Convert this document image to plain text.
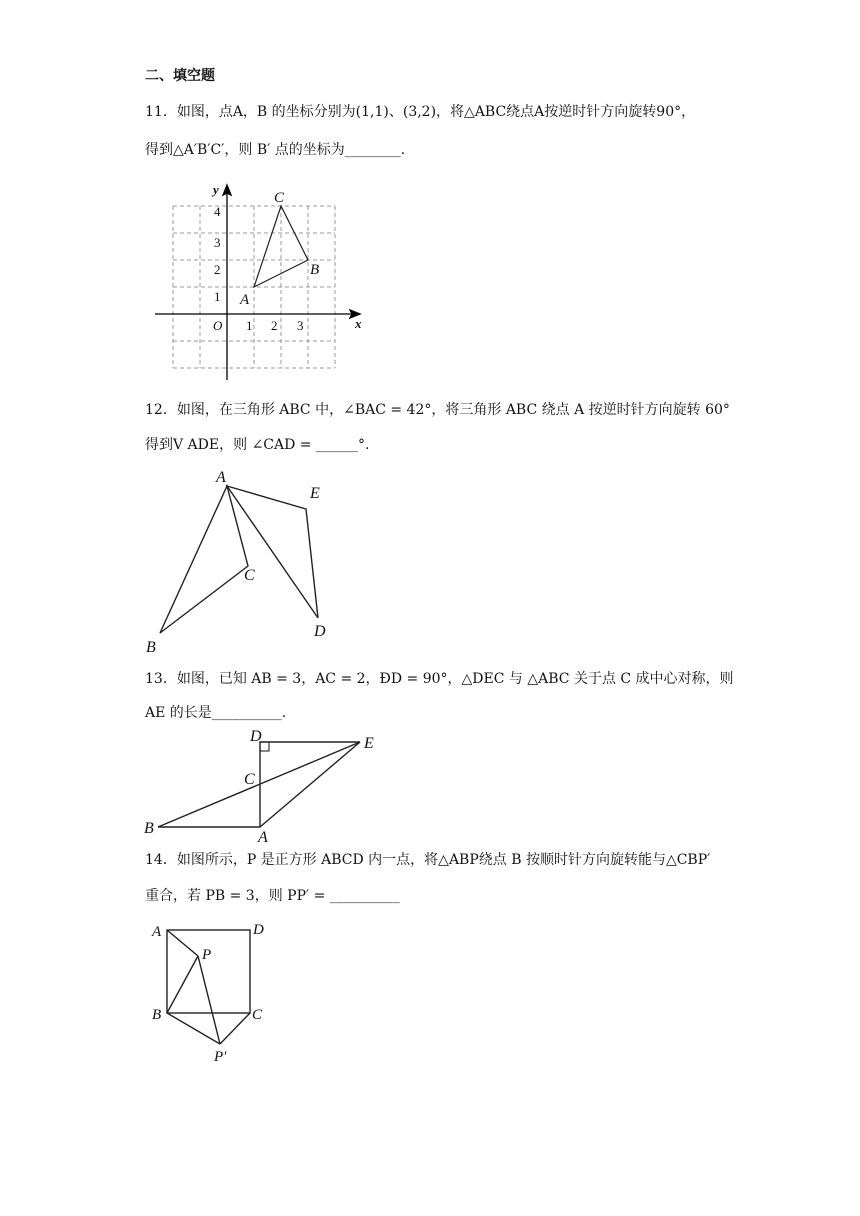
二、填空题
11．如图，点A，B 的坐标分别为(1,1)、(3,2)，将△ABC绕点A按逆时针方向旋转90°，
得到△A′B′C′，则 B′ 点的坐标为________.
x
y
O 1 2 3
1
2
3
4
A
B
C
12．如图，在三角形 ABC 中，∠BAC = 42°，将三角形 ABC 绕点 A 按逆时针方向旋转 60°
得到V ADE，则 ∠CAD = ______°.
A
B
C
D
E
13．如图，已知 AB = 3，AC = 2，ÐD = 90°，△DEC 与 △ABC 关于点 C 成中心对称，则
AE 的长是__________.
D	E
C
B
A
14．如图所示，P 是正方形 ABCD 内一点，将△ABP绕点 B 按顺时针方向旋转能与△CBP′
重合，若 PB = 3，则 PP′ = __________
A	D
P
B	C
P′
